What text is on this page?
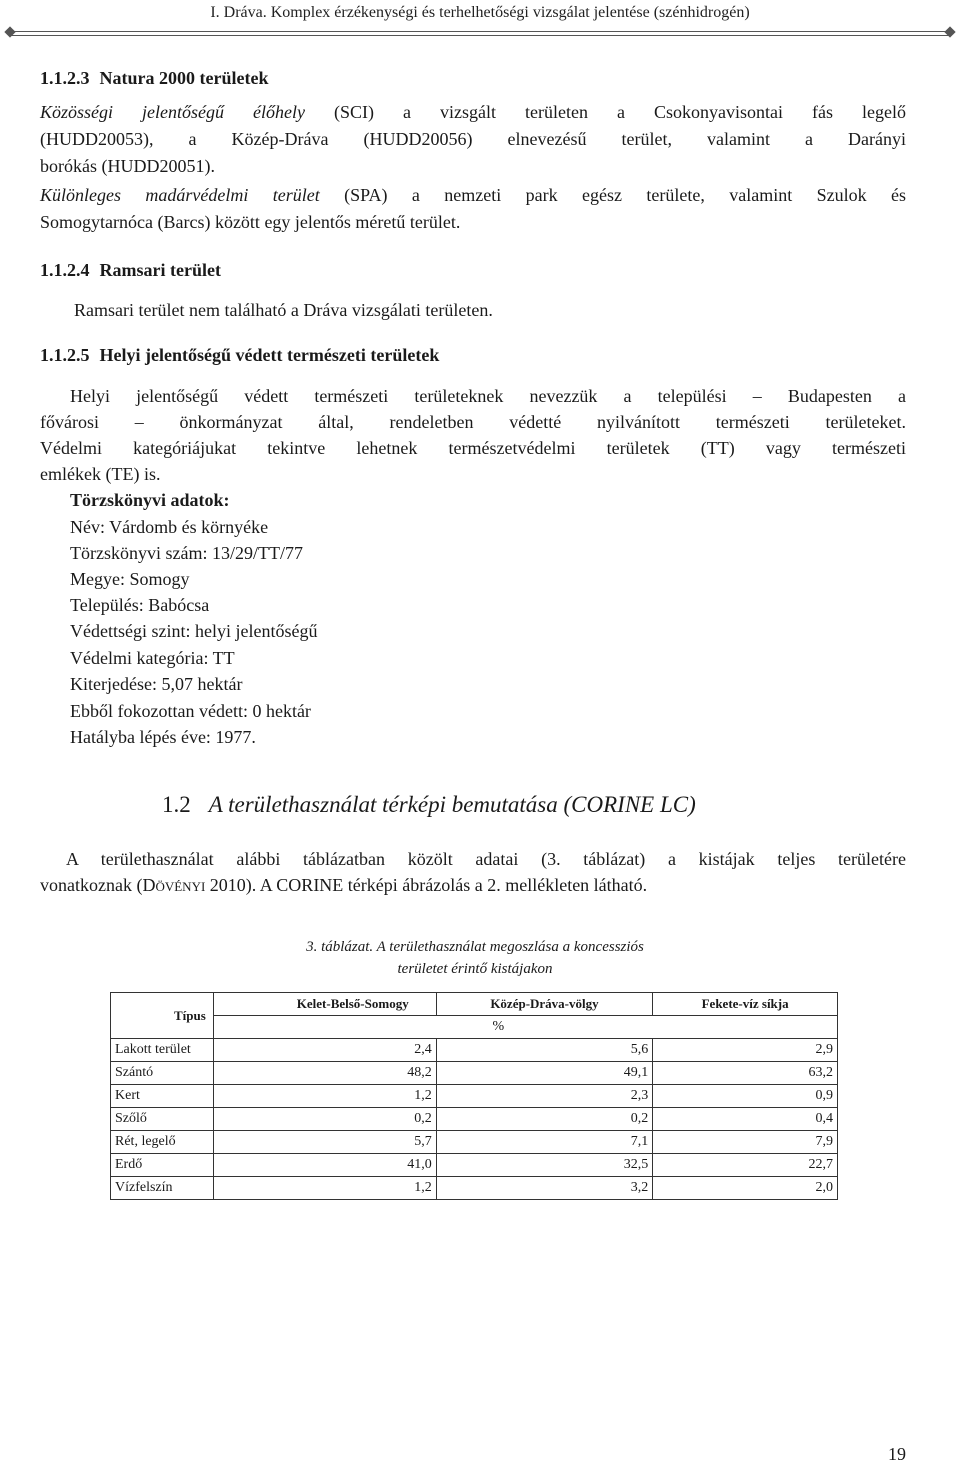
I. Dráva. Komplex érzékenységi és terhelhetőségi vizsgálat jelentése (szénhidrogén)
1.1.2.3 Natura 2000 területek
Közösségi jelentőségű élőhely (SCI) a vizsgált területen a Csokonyavisontai fás legelő
(HUDD20053), a Közép-Dráva (HUDD20056) elnevezésű terület, valamint a Darányi
borókás (HUDD20051).
Különleges madárvédelmi terület (SPA) a nemzeti park egész területe, valamint Szulok és
Somogytarnóca (Barcs) között egy jelentős méretű terület.
1.1.2.4 Ramsari terület
Ramsari terület nem található a Dráva vizsgálati területen.
1.1.2.5 Helyi jelentőségű védett természeti területek
Helyi jelentőségű védett természeti területeknek nevezzük a települési – Budapesten a
fővárosi – önkormányzat által, rendeletben védetté nyilvánított természeti területeket.
Védelmi kategóriájukat tekintve lehetnek természetvédelmi területek (TT) vagy természeti
emlékek (TE) is.
Törzskönyvi adatok:
Név: Várdomb és környéke
Törzskönyvi szám: 13/29/TT/77
Megye: Somogy
Település: Babócsa
Védettségi szint: helyi jelentőségű
Védelmi kategória: TT
Kiterjedése: 5,07 hektár
Ebből fokozottan védett: 0 hektár
Hatályba lépés éve: 1977.
1.2 A területhasználat térképi bemutatása (CORINE LC)
A területhasználat alábbi táblázatban közölt adatai (3. táblázat) a kistájak teljes területére
vonatkoznak (Dövényi 2010). A CORINE térképi ábrázolás a 2. mellékleten látható.
3. táblázat. A területhasználat megoszlása a koncessziós
területet érintő kistájakon
Típus	Kelet-Belső-Somogy	Közép-Dráva-völgy	Fekete-víz síkja
	%		
Lakott terület	2,4	5,6	2,9
Szántó	48,2	49,1	63,2
Kert	1,2	2,3	0,9
Szőlő	0,2	0,2	0,4
Rét, legelő	5,7	7,1	7,9
Erdő	41,0	32,5	22,7
Vízfelszín	1,2	3,2	2,0
19
